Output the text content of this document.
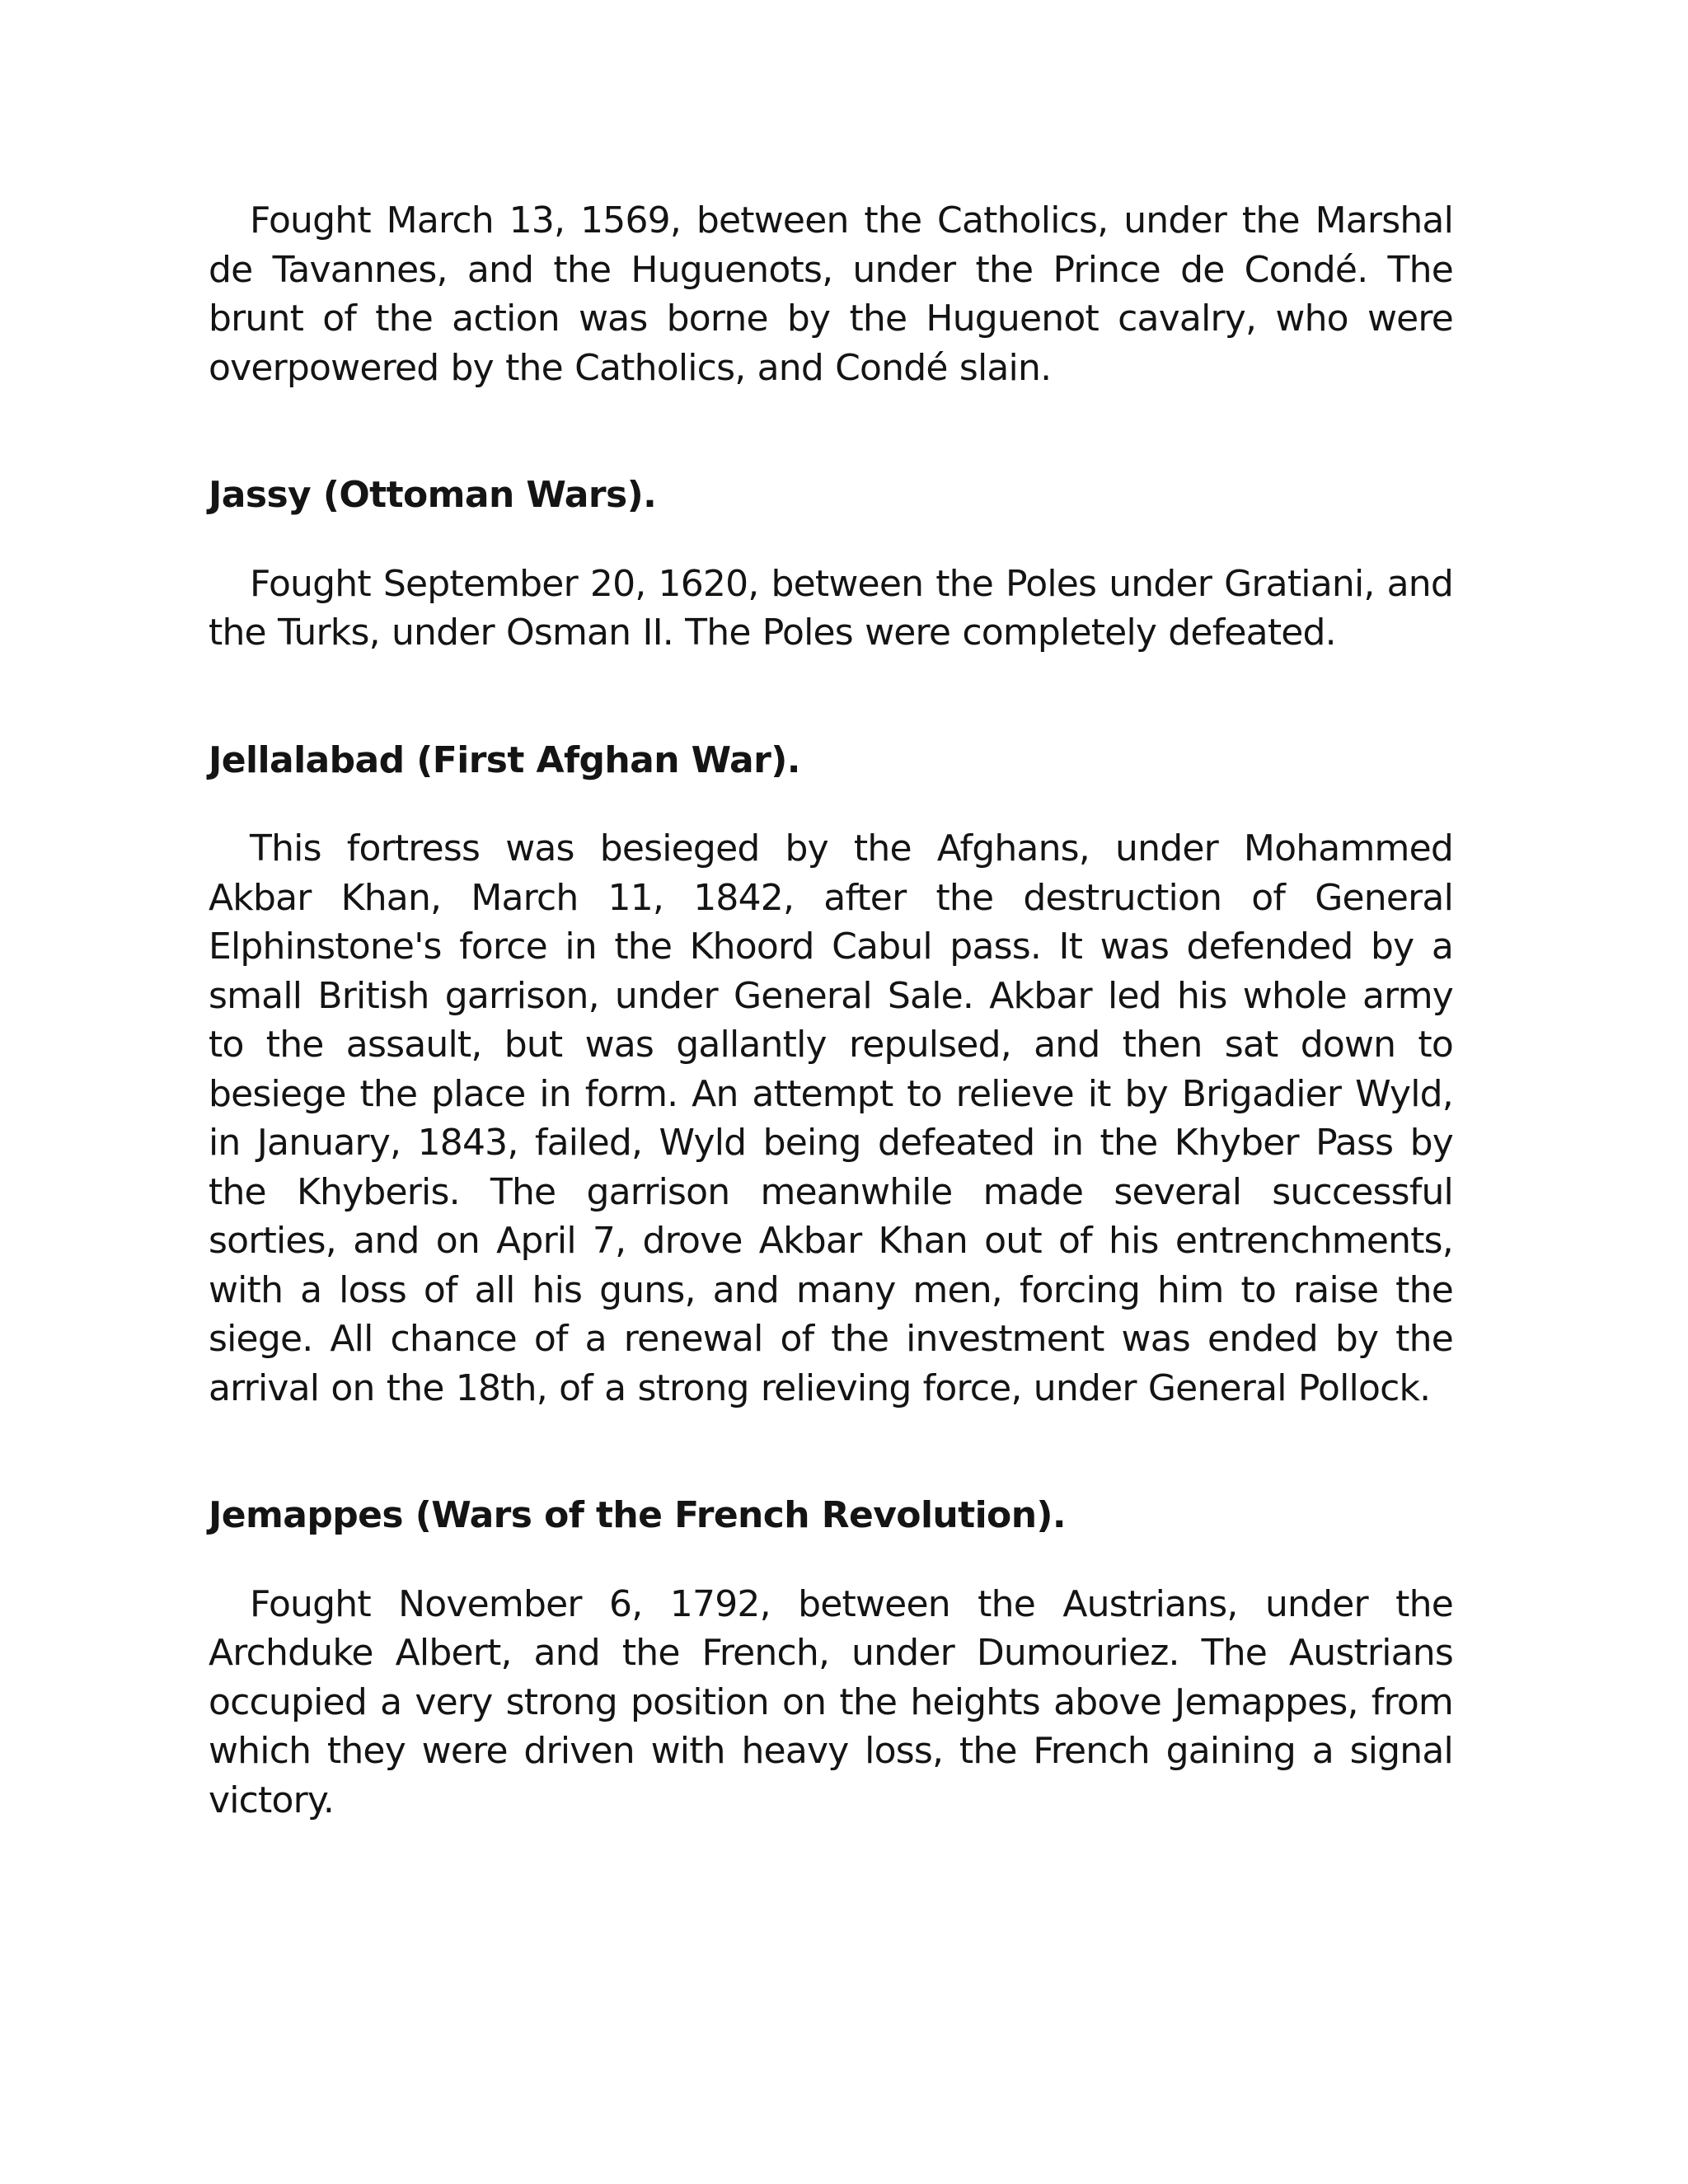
Fought March 13, 1569, between the Catholics, under the Marshal de Tavannes, and the Huguenots, under the Prince de Condé. The brunt of the action was borne by the Huguenot cavalry, who were overpowered by the Catholics, and Condé slain.

Jassy (Ottoman Wars).

Fought September 20, 1620, between the Poles under Gratiani, and the Turks, under Osman II. The Poles were completely defeated.

Jellalabad (First Afghan War).

This fortress was besieged by the Afghans, under Mohammed Akbar Khan, March 11, 1842, after the destruction of General Elphinstone's force in the Khoord Cabul pass. It was defended by a small British garrison, under General Sale. Akbar led his whole army to the assault, but was gallantly repulsed, and then sat down to besiege the place in form. An attempt to relieve it by Brigadier Wyld, in January, 1843, failed, Wyld being defeated in the Khyber Pass by the Khyberis. The garrison meanwhile made several successful sorties, and on April 7, drove Akbar Khan out of his entrenchments, with a loss of all his guns, and many men, forcing him to raise the siege. All chance of a renewal of the investment was ended by the arrival on the 18th, of a strong relieving force, under General Pollock.

Jemappes (Wars of the French Revolution).

Fought November 6, 1792, between the Austrians, under the Archduke Albert, and the French, under Dumouriez. The Austrians occupied a very strong position on the heights above Jemappes, from which they were driven with heavy loss, the French gaining a signal victory.
